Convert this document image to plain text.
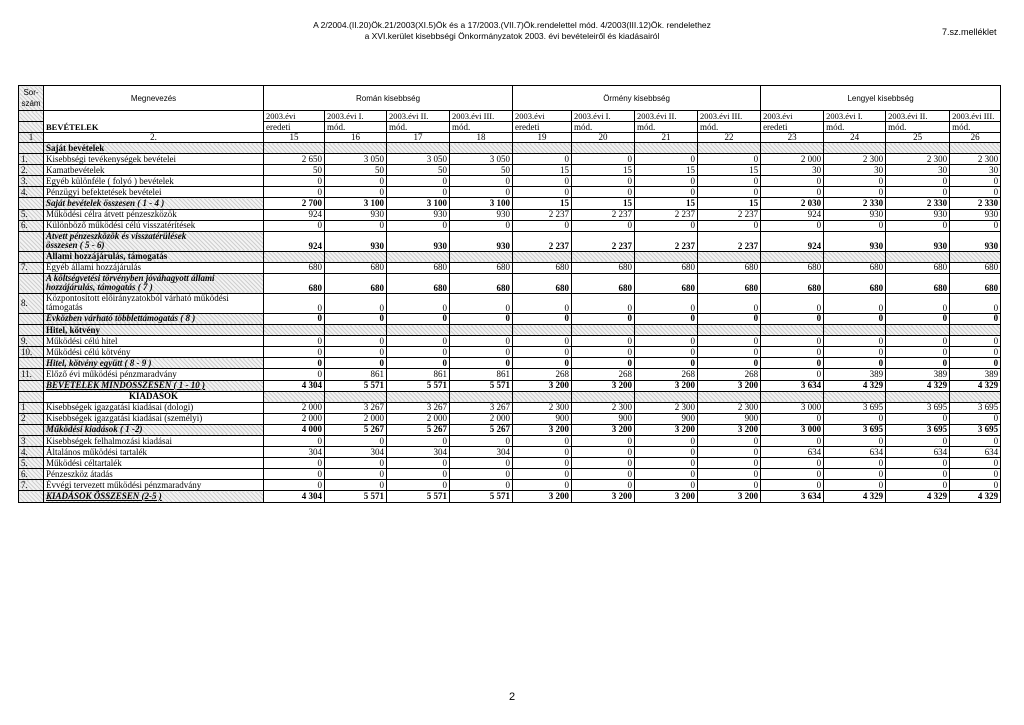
A 2/2004.(II.20)Ök.21/2003(XI.5)Ök és a 17/2003.(VII.7)Ök.rendelettel mód. 4/2003(III.12)Ök. rendelethez
a XVI.kerület kisebbségi Önkormányzatok 2003. évi bevételeiről és kiadásairól	7.sz.melléklet
Sor-szám	Megnevezés	Román kisebbség				Örmény kisebbség				Lengyel kisebbség			
	BEVÉTELEK	2003.évi	2003.évi I.	2003.évi II.	2003.évi III.	2003.évi	2003.évi I.	2003.évi II.	2003.évi III.	2003.évi	2003.évi I.	2003.évi II.	2003.évi III.
		eredeti	mód.	mód.	mód.	eredeti	mód.	mód.	mód.	eredeti	mód.	mód.	mód.
1	2.	15	16	17	18	19	20	21	22	23	24	25	26
	Saját bevételek												
1.	Kisebbségi tevékenységek bevételei	2 650	3 050	3 050	3 050	0	0	0	0	2 000	2 300	2 300	2 300
2.	Kamatbevételek	50	50	50	50	15	15	15	15	30	30	30	30
3.	Egyéb különféle ( folyó ) bevételek	0	0	0	0	0	0	0	0	0	0	0	0
4.	Pénzügyi befektetések bevételei	0	0	0	0	0	0	0	0	0	0	0	0
	Saját bevételek összesen ( 1 - 4 )	2 700	3 100	3 100	3 100	15	15	15	15	2 030	2 330	2 330	2 330
5.	Működési célra átvett pénzeszközök	924	930	930	930	2 237	2 237	2 237	2 237	924	930	930	930
6.	Különböző működési célú visszatérítések	0	0	0	0	0	0	0	0	0	0	0	0

	Átvett pénzeszközök és visszatérülések
összesen ( 5 - 6)	924	930	930	930	2 237	2 237	2 237	2 237	924	930	930	930
	Állami hozzájárulás, támogatás												
7.	Egyéb állami hozzájárulás	680	680	680	680	680	680	680	680	680	680	680	680

	A költségvetési törvényben jóváhagyott állami
hozzájárulás, támogatás ( 7 )	680	680	680	680	680	680	680	680	680	680	680	680
8.	Központosított előirányzatokból várható működési
támogatás	0	0	0	0	0	0	0	0	0	0	0	0
	Évközben várható többlettámogatás ( 8 )	0	0	0	0	0	0	0	0	0	0	0	0
	Hitel, kötvény												
9.	Működési célú hitel	0	0	0	0	0	0	0	0	0	0	0	0
10.	Működési célú kötvény	0	0	0	0	0	0	0	0	0	0	0	0
	Hitel, kötvény együtt ( 8 - 9 )	0	0	0	0	0	0	0	0	0	0	0	0
11.	Előző évi működési pénzmaradvány	0	861	861	861	268	268	268	268	0	389	389	389
	BEVÉTELEK MINDÖSSZESEN ( 1 - 10 )	4 304	5 571	5 571	5 571	3 200	3 200	3 200	3 200	3 634	4 329	4 329	4 329
	KIADÁSOK												
1	Kisebbségek igazgatási kiadásai (dologi)	2 000	3 267	3 267	3 267	2 300	2 300	2 300	2 300	3 000	3 695	3 695	3 695
2	Kisebbségek igazgatási kiadásai (személyi)	2 000	2 000	2 000	2 000	900	900	900	900	0	0	0	0
	Működési kiadások ( 1 -2)	4 000	5 267	5 267	5 267	3 200	3 200	3 200	3 200	3 000	3 695	3 695	3 695
3	Kisebbségek felhalmozási kiadásai	0	0	0	0	0	0	0	0	0	0	0	0
4.	Általános működési tartalék	304	304	304	304	0	0	0	0	634	634	634	634
5.	Működési céltartalék	0	0	0	0	0	0	0	0	0	0	0	0
6.	Pénzeszköz átadás	0	0	0	0	0	0	0	0	0	0	0	0
7.	Évvégi tervezett működési pénzmaradvány	0	0	0	0	0	0	0	0	0	0	0	0
	KIADÁSOK ÖSSZESEN (2-5 )	4 304	5 571	5 571	5 571	3 200	3 200	3 200	3 200	3 634	4 329	4 329	4 329
2
